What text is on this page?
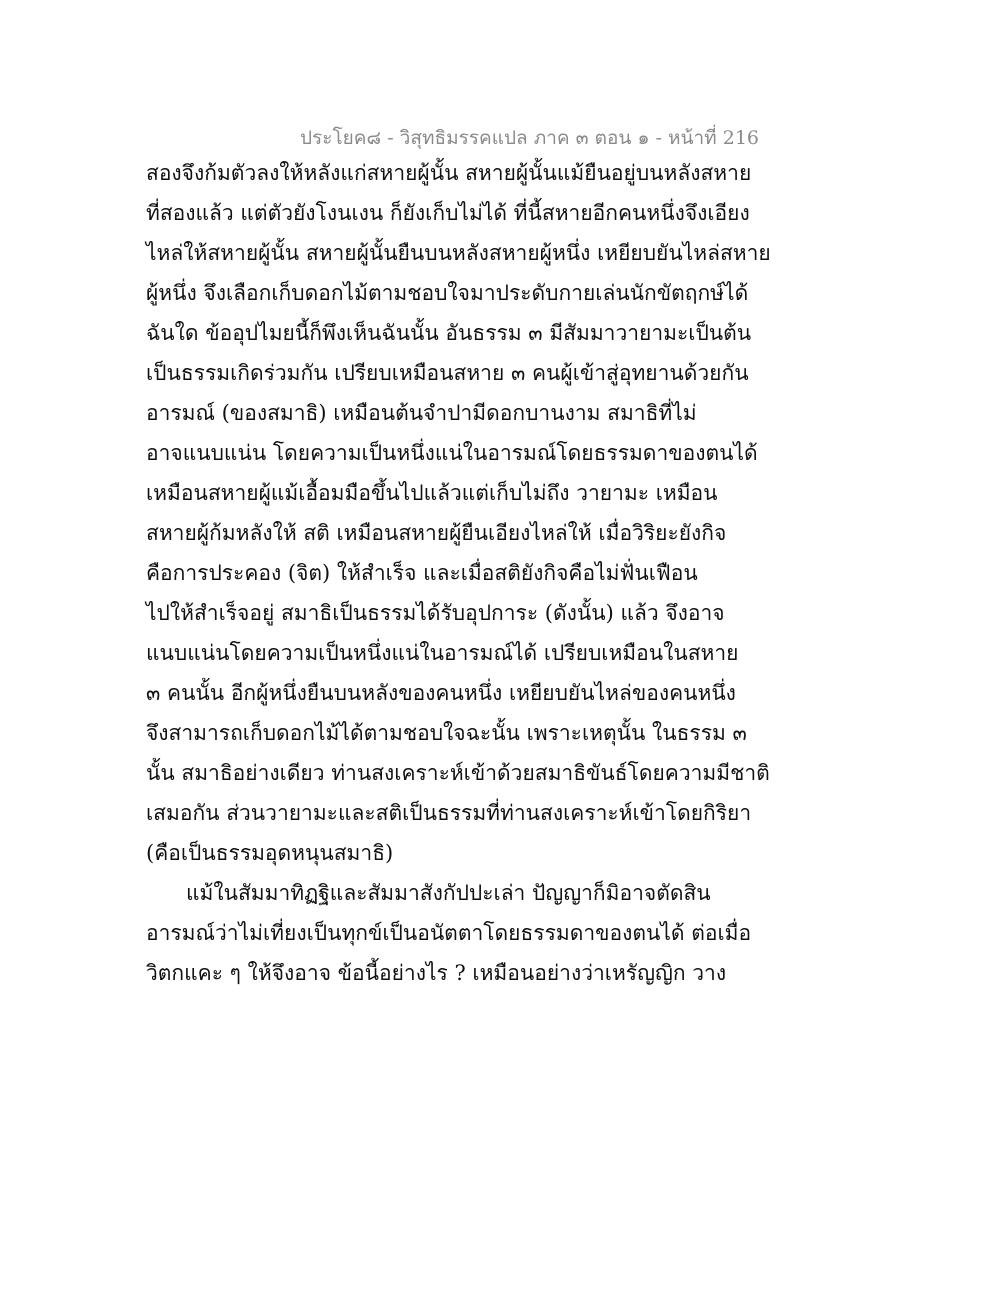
ประโยค๘ - วิสุทธิมรรคแปล ภาค ๓ ตอน ๑ - หน้าที่ 216
สองจึงก้มตัวลงให้หลังแก่สหายผู้นั้น สหายผู้นั้นแม้ยืนอยู่บนหลังสหาย
ที่สองแล้ว แต่ตัวยังโงนเงน ก็ยังเก็บไม่ได้ ที่นี้สหายอีกคนหนึ่งจึงเอียง
ไหล่ให้สหายผู้นั้น สหายผู้นั้นยืนบนหลังสหายผู้หนึ่ง เหยียบยันไหล่สหาย
ผู้หนึ่ง จึงเลือกเก็บดอกไม้ตามชอบใจมาประดับกายเล่นนักขัตฤกษ์ได้
ฉันใด ข้ออุปไมยนี้ก็พึงเห็นฉันนั้น อันธรรม ๓ มีสัมมาวายามะเป็นต้น
เป็นธรรมเกิดร่วมกัน เปรียบเหมือนสหาย ๓ คนผู้เข้าสู่อุทยานด้วยกัน
อารมณ์ (ของสมาธิ) เหมือนต้นจำปามีดอกบานงาม สมาธิที่ไม่
อาจแนบแน่น โดยความเป็นหนึ่งแน่ในอารมณ์โดยธรรมดาของตนได้
เหมือนสหายผู้แม้เอื้อมมือขึ้นไปแล้วแต่เก็บไม่ถึง วายามะ เหมือน
สหายผู้ก้มหลังให้ สติ เหมือนสหายผู้ยืนเอียงไหล่ให้ เมื่อวิริยะยังกิจ
คือการประคอง (จิต) ให้สำเร็จ และเมื่อสติยังกิจคือไม่ฟั่นเฟือน
ไปให้สำเร็จอยู่ สมาธิเป็นธรรมได้รับอุปการะ (ดังนั้น) แล้ว จึงอาจ
แนบแน่นโดยความเป็นหนึ่งแน่ในอารมณ์ได้ เปรียบเหมือนในสหาย
๓ คนนั้น อีกผู้หนึ่งยืนบนหลังของคนหนึ่ง เหยียบยันไหล่ของคนหนึ่ง
จึงสามารถเก็บดอกไม้ได้ตามชอบใจฉะนั้น เพราะเหตุนั้น ในธรรม ๓
นั้น สมาธิอย่างเดียว ท่านสงเคราะห์เข้าด้วยสมาธิขันธ์โดยความมีชาติ
เสมอกัน ส่วนวายามะและสติเป็นธรรมที่ท่านสงเคราะห์เข้าโดยกิริยา
(คือเป็นธรรมอุดหนุนสมาธิ)
แม้ในสัมมาทิฏฐิและสัมมาสังกัปปะเล่า ปัญญาก็มิอาจตัดสิน
อารมณ์ว่าไม่เที่ยงเป็นทุกข์เป็นอนัตตาโดยธรรมดาของตนได้ ต่อเมื่อ
วิตกแคะ ๆ ให้จึงอาจ ข้อนี้อย่างไร ? เหมือนอย่างว่าเหรัญญิก วาง
